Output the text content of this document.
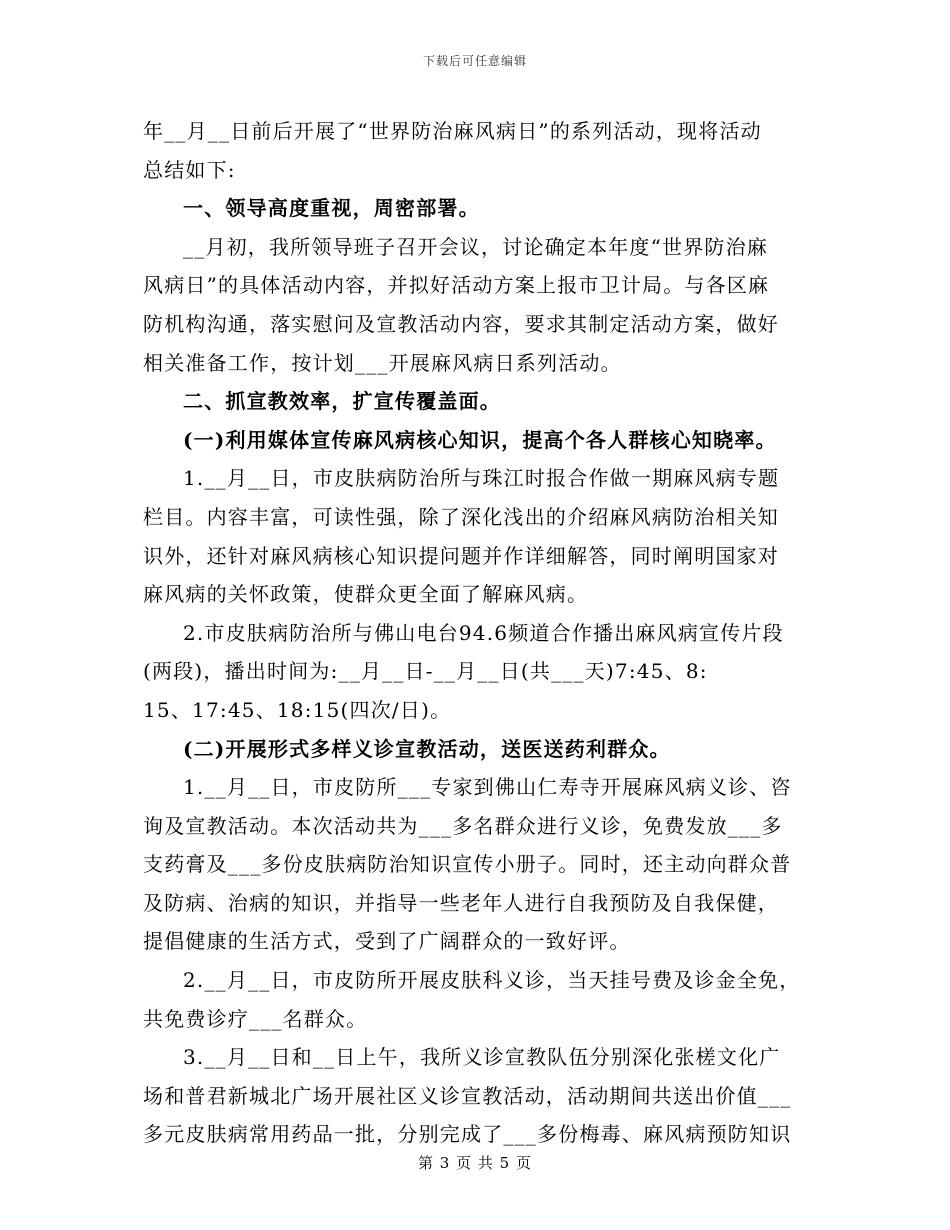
下载后可任意编辑

年__月__日前后开展了“世界防治麻风病日”的系列活动，现将活动
总结如下:

一、领导高度重视，周密部署。

__月初，我所领导班子召开会议，讨论确定本年度“世界防治麻
风病日”的具体活动内容，并拟好活动方案上报市卫计局。与各区麻
防机构沟通，落实慰问及宣教活动内容，要求其制定活动方案，做好
相关准备工作，按计划___开展麻风病日系列活动。

二、抓宣教效率，扩宣传覆盖面。

(一)利用媒体宣传麻风病核心知识，提高个各人群核心知晓率。

1.__月__日，市皮肤病防治所与珠江时报合作做一期麻风病专题
栏目。内容丰富，可读性强，除了深化浅出的介绍麻风病防治相关知
识外，还针对麻风病核心知识提问题并作详细解答，同时阐明国家对
麻风病的关怀政策，使群众更全面了解麻风病。

2.市皮肤病防治所与佛山电台94.6频道合作播出麻风病宣传片段
(两段)，播出时间为:__月__日-__月__日(共___天)7:45、8:
15、17:45、18:15(四次/日)。

(二)开展形式多样义诊宣教活动，送医送药利群众。

1.__月__日，市皮防所___专家到佛山仁寿寺开展麻风病义诊、咨
询及宣教活动。本次活动共为___多名群众进行义诊，免费发放___多
支药膏及___多份皮肤病防治知识宣传小册子。同时，还主动向群众普
及防病、治病的知识，并指导一些老年人进行自我预防及自我保健，
提倡健康的生活方式，受到了广阔群众的一致好评。

2.__月__日，市皮防所开展皮肤科义诊，当天挂号费及诊金全免，
共免费诊疗___名群众。

3.__月__日和__日上午，我所义诊宣教队伍分别深化张槎文化广
场和普君新城北广场开展社区义诊宣教活动，活动期间共送出价值___
多元皮肤病常用药品一批，分别完成了___多份梅毒、麻风病预防知识

第 3 页 共 5 页
